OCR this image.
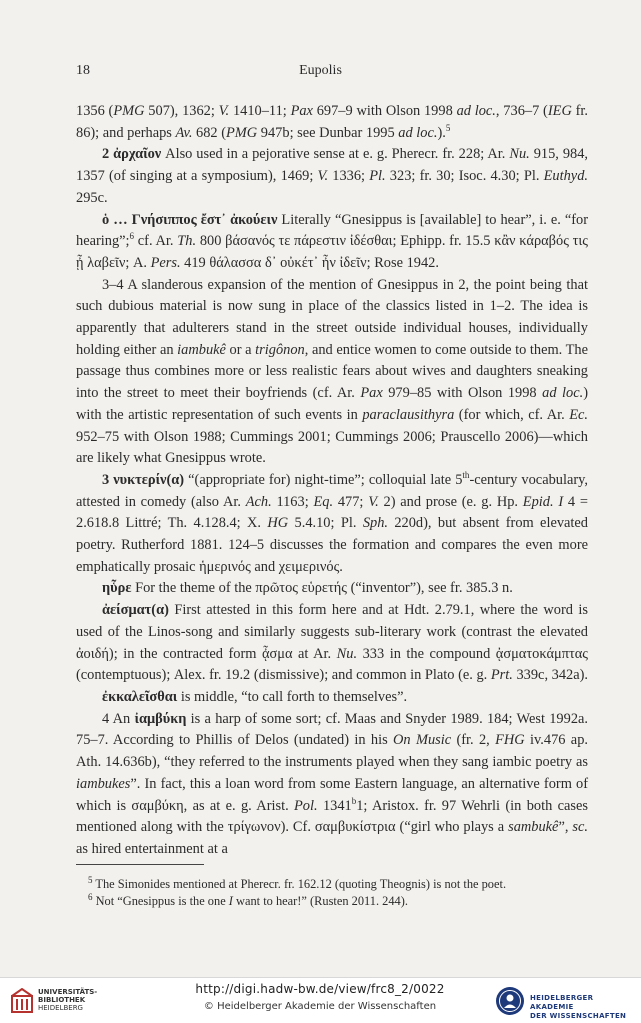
18	Eupolis

1356 (PMG 507), 1362; V. 1410–11; Pax 697–9 with Olson 1998 ad loc., 736–7 (IEG fr. 86); and perhaps Av. 682 (PMG 947b; see Dunbar 1995 ad loc.).$^5$

2 ἀρχαῖον Also used in a pejorative sense at e. g. Pherecr. fr. 228; Ar. Nu. 915, 984, 1357 (of singing at a symposium), 1469; V. 1336; Pl. 323; fr. 30; Isoc. 4.30; Pl. Euthyd. 295c.

ὁ … Γνήσιππος ἔστ᾽ ἀκούειν Literally “Gnesippus is [available] to hear”, i. e. “for hearing”;$^6$ cf. Ar. Th. 800 βάσανός τε πάρεστιν ἰδέσθαι; Ephipp. fr. 15.5 κἂν κάραβός τις ᾖ λαβεῖν; A. Pers. 419 θάλασσα δ᾽ οὐκέτ᾽ ἦν ἰδεῖν; Rose 1942.

3–4 A slanderous expansion of the mention of Gnesippus in 2, the point being that such dubious material is now sung in place of the classics listed in 1–2. The idea is apparently that adulterers stand in the street outside individual houses, individually holding either an iambukê or a trigônon, and entice women to come outside to them. The passage thus combines more or less realistic fears about wives and daughters sneaking into the street to meet their boyfriends (cf. Ar. Pax 979–85 with Olson 1998 ad loc.) with the artistic representation of such events in paraclausithyra (for which, cf. Ar. Ec. 952–75 with Olson 1988; Cummings 2001; Cummings 2006; Prauscello 2006)—which are likely what Gnesippus wrote.

3 νυκτερίν(α) “(appropriate for) night-time”; colloquial late 5th-century vocabulary, attested in comedy (also Ar. Ach. 1163; Eq. 477; V. 2) and prose (e. g. Hp. Epid. I 4 = 2.618.8 Littré; Th. 4.128.4; X. HG 5.4.10; Pl. Sph. 220d), but absent from elevated poetry. Rutherford 1881. 124–5 discusses the formation and compares the even more emphatically prosaic ἡμερινός and χειμερινός.

ηὗρε For the theme of the πρῶτος εὑρετής (“inventor”), see fr. 385.3 n.

ἀείσματ(α) First attested in this form here and at Hdt. 2.79.1, where the word is used of the Linos-song and similarly suggests sub-literary work (contrast the elevated ἀοιδή); in the contracted form ᾆσμα at Ar. Nu. 333 in the compound ᾀσματοκάμπτας (contemptuous); Alex. fr. 19.2 (dismissive); and common in Plato (e. g. Prt. 339c, 342a).

ἐκκαλεῖσθαι is middle, “to call forth to themselves”.

4 An ἰαμβύκη is a harp of some sort; cf. Maas and Snyder 1989. 184; West 1992a. 75–7. According to Phillis of Delos (undated) in his On Music (fr. 2, FHG iv.476 ap. Ath. 14.636b), “they referred to the instruments played when they sang iambic poetry as iambukes”. In fact, this a loan word from some Eastern language, an alternative form of which is σαμβύκη, as at e. g. Arist. Pol. 1341$^b$1; Aristox. fr. 97 Wehrli (in both cases mentioned along with the τρίγωνον). Cf. σαμβυκίστρια (“girl who plays a sambukê”, sc. as hired entertainment at a

$^5$ The Simonides mentioned at Pherecr. fr. 162.12 (quoting Theognis) is not the poet.
$^6$ Not “Gnesippus is the one I want to hear!” (Rusten 2011. 244).
UNIVERSITÄTS-
BIBLIOTHEK
HEIDELBERG
http://digi.hadw-bw.de/view/frc8_2/0022
© Heidelberger Akademie der Wissenschaften
HEIDELBERGER AKADEMIE
DER WISSENSCHAFTEN
